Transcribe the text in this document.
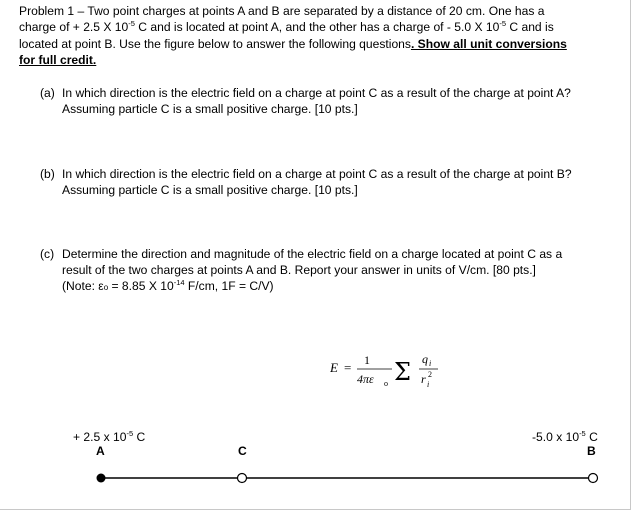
Problem 1 – Two point charges at points A and B are separated by a distance of 20 cm. One has a

charge of + 2.5 X $10^{-5}$ C and is located at point A, and the other has a charge of - 5.0 X $10^{-5}$ C and is

located at point B. Use the figure below to answer the following questions. Show all unit conversions

for full credit.

(a) In which direction is the electric field on a charge at point C as a result of the charge at point A?
Assuming particle C is a small positive charge. [10 pts.]
(b) In which direction is the electric field on a charge at point C as a result of the charge at point B?
Assuming particle C is a small positive charge. [10 pts.]
(c) Determine the direction and magnitude of the electric field on a charge located at point C as a
result of the two charges at points A and B. Report your answer in units of V/cm. [80 pts.]
(Note: εo = 8.85 X $10^{-14}$ F/cm, 1F = C/V)
E = 1
4πε o Σ q i
r i
2
+ 2.5 x $10^{-5}$ C	-5.0 x $10^{-5}$ C
A	C	B
